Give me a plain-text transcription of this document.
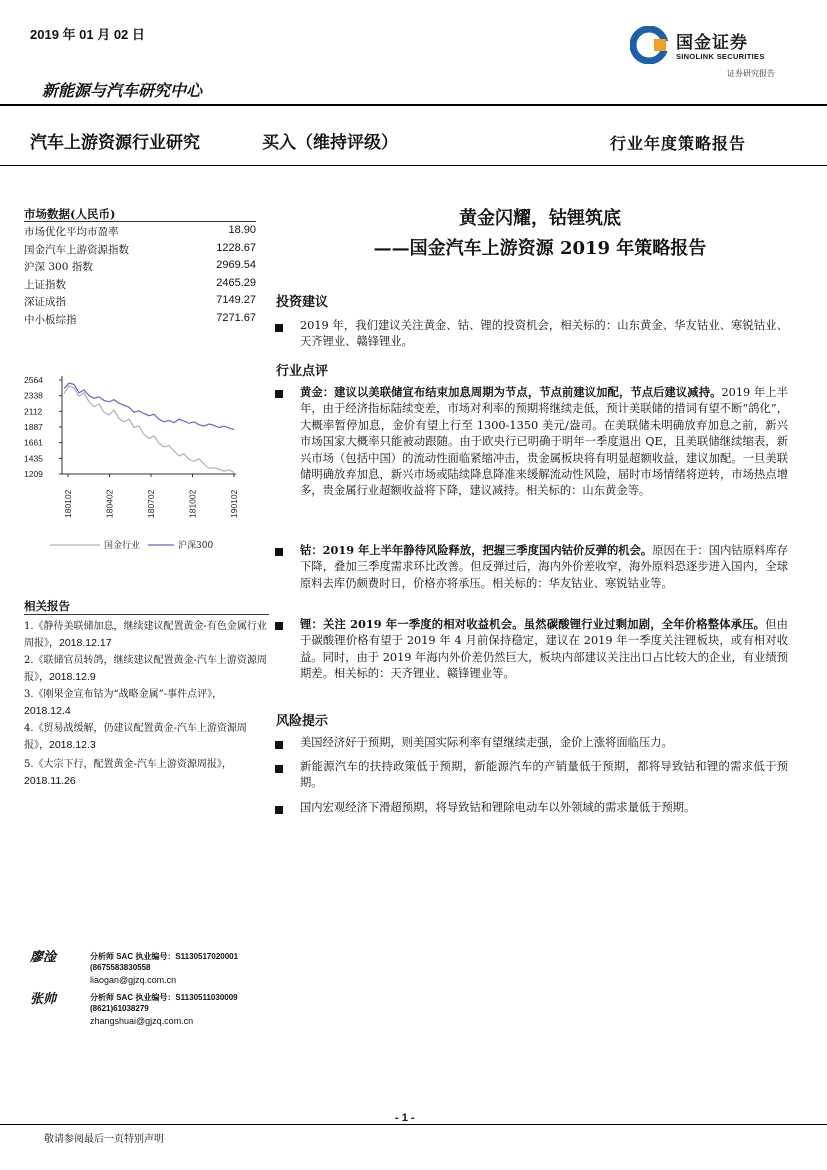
2019 年 01 月 02 日	国金证券
SINOLINK SECURITIES
证券研究报告
新能源与汽车研究中心
汽车上游资源行业研究	买入（维持评级）	行业年度策略报告
黄金闪耀，钴锂筑底
——国金汽车上游资源 2019 年策略报告
市场数据(人民币)
市场优化平均市盈率	18.90
国金汽车上游资源指数	1228.67
沪深 300 指数	2969.54
上证指数	2465.29
深证成指	7149.27
中小板综指	7271.67
2564
2338
2112
1887
1661
1435
1209
180102	180402	180702	181002	190102
国金行业	沪深300
相关报告
1.《静待美联储加息，继续建议配置黄金-有色金属行业周报》，2018.12.17
2.《联储官员转鸽，继续建议配置黄金-汽车上游资源周报》，2018.12.9
3.《刚果金宣布钴为“战略金属”-事件点评》，2018.12.4
4.《贸易战缓解，仍建议配置黄金-汽车上游资源周报》，2018.12.3
5.《大宗下行，配置黄金-汽车上游资源周报》，2018.11.26
廖淦	分析师 SAC 执业编号：S1130517020001
(8675583830558
liaogan@gjzq.com.cn
张帅	分析师 SAC 执业编号：S1130511030009
(8621)61038279
zhangshuai@gjzq.com.cn
投资建议
2019 年，我们建议关注黄金、钴、锂的投资机会，相关标的：山东黄金、华友钴业、寒锐钴业、天齐锂业、赣锋锂业。
行业点评
黄金：建议以美联储宣布结束加息周期为节点，节点前建议加配，节点后建议减持。2019 年上半年，由于经济指标陆续变差，市场对利率的预期将继续走低，预计美联储的措词有望不断“鸽化”，大概率暂停加息，金价有望上行至 1300-1350 美元/盎司。在美联储未明确放弃加息之前，新兴市场国家大概率只能被动跟随。由于欧央行已明确于明年一季度退出 QE，且美联储继续缩表，新兴市场（包括中国）的流动性面临紧缩冲击，贵金属板块将有明显超额收益，建议加配。一旦美联储明确放弃加息，新兴市场或陆续降息降准来缓解流动性风险，届时市场情绪将逆转，市场热点增多，贵金属行业超额收益将下降，建议减持。相关标的：山东黄金等。
钴：2019 年上半年静待风险释放，把握三季度国内钴价反弹的机会。原因在于：国内钴原料库存下降，叠加三季度需求环比改善。但反弹过后，海内外价差收窄，海外原料恐逐步进入国内，全球原料去库仍颇费时日，价格亦将承压。相关标的：华友钴业、寒锐钴业等。
锂：关注 2019 年一季度的相对收益机会。虽然碳酸锂行业过剩加剧，全年价格整体承压。但由于碳酸锂价格有望于 2019 年 4 月前保持稳定，建议在 2019 年一季度关注锂板块，或有相对收益。同时，由于 2019 年海内外价差仍然巨大，板块内部建议关注出口占比较大的企业，有业绩预期差。相关标的：天齐锂业、赣锋锂业等。
风险提示
美国经济好于预期，则美国实际利率有望继续走强，金价上涨将面临压力。
新能源汽车的扶持政策低于预期，新能源汽车的产销量低于预期，都将导致钴和锂的需求低于预期。
国内宏观经济下滑超预期，将导致钴和锂除电动车以外领域的需求量低于预期。
- 1 -
敬请参阅最后一页特别声明
